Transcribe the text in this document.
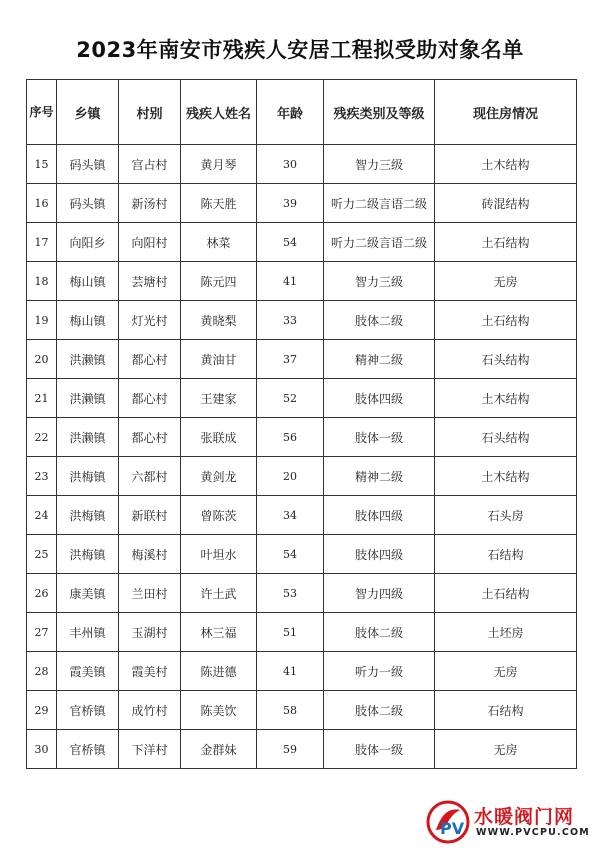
2023年南安市残疾人安居工程拟受助对象名单
序号	乡镇	村别	残疾人姓名	年龄	残疾类别及等级	现住房情况
15	码头镇	宫占村	黄月琴	30	智力三级	土木结构
16	码头镇	新汤村	陈天胜	39	听力二级言语二级	砖混结构
17	向阳乡	向阳村	林菜	54	听力二级言语二级	土石结构
18	梅山镇	芸塘村	陈元四	41	智力三级	无房
19	梅山镇	灯光村	黄晓梨	33	肢体二级	土石结构
20	洪濑镇	都心村	黄油甘	37	精神二级	石头结构
21	洪濑镇	都心村	王建家	52	肢体四级	土木结构
22	洪濑镇	都心村	张联成	56	肢体一级	石头结构
23	洪梅镇	六都村	黄剑龙	20	精神二级	土木结构
24	洪梅镇	新联村	曾陈茨	34	肢体四级	石头房
25	洪梅镇	梅溪村	叶坦水	54	肢体四级	石结构
26	康美镇	兰田村	许土武	53	智力四级	土石结构
27	丰州镇	玉湖村	林三福	51	肢体二级	土坯房
28	霞美镇	霞美村	陈进德	41	听力一级	无房
29	官桥镇	成竹村	陈美饮	58	肢体二级	石结构
30	官桥镇	下洋村	金群妹	59	肢体一级	无房
PV
水暖阀门网
WWW.PVCPU.COM
